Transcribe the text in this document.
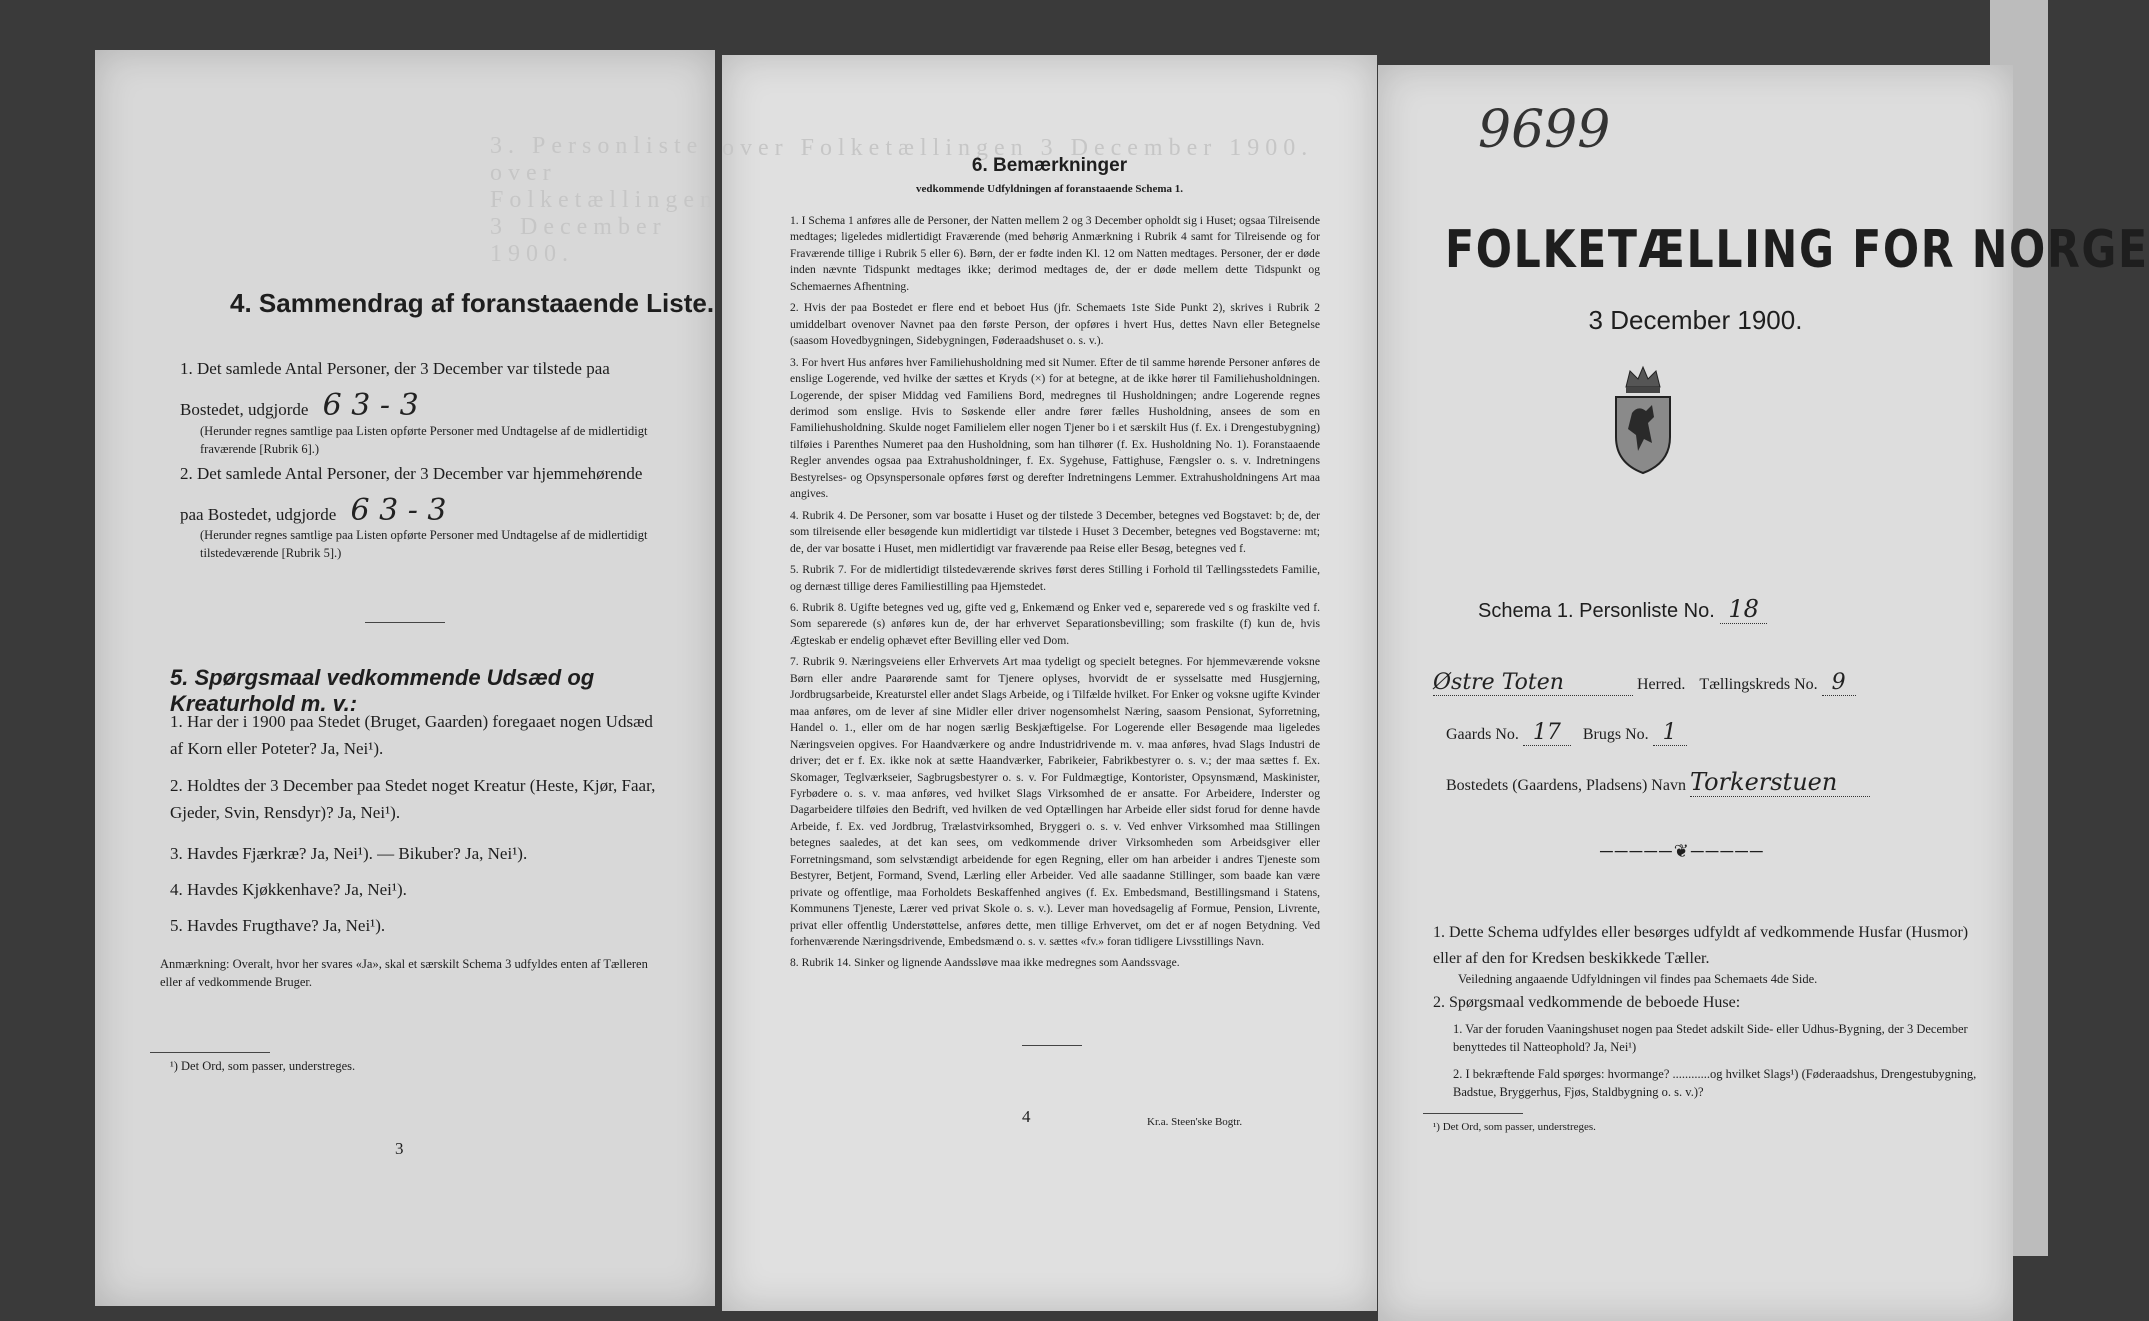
3. Personliste over Folketællingen 3 December 1900.
4. Sammendrag af foranstaaende Liste.
1. Det samlede Antal Personer, der 3 December var tilstede paa Bostedet, udgjorde 6 3 - 3
(Herunder regnes samtlige paa Listen opførte Personer med Undtagelse af de midlertidigt fraværende [Rubrik 6].)
2. Det samlede Antal Personer, der 3 December var hjemmehørende paa Bostedet, udgjorde 6 3 - 3
(Herunder regnes samtlige paa Listen opførte Personer med Undtagelse af de midlertidigt tilstedeværende [Rubrik 5].)
5. Spørgsmaal vedkommende Udsæd og Kreaturhold m. v.:
1. Har der i 1900 paa Stedet (Bruget, Gaarden) foregaaet nogen Udsæd af Korn eller Poteter? Ja, Nei¹).
2. Holdtes der 3 December paa Stedet noget Kreatur (Heste, Kjør, Faar, Gjeder, Svin, Rensdyr)? Ja, Nei¹).
3. Havdes Fjærkræ? Ja, Nei¹). — Bikuber? Ja, Nei¹).
4. Havdes Kjøkkenhave? Ja, Nei¹).
5. Havdes Frugthave? Ja, Nei¹).
Anmærkning: Overalt, hvor her svares «Ja», skal et særskilt Schema 3 udfyldes enten af Tælleren eller af vedkommende Bruger.
¹) Det Ord, som passer, understreges.
3
over Folketællingen 3 December 1900.
6. Bemærkninger
vedkommende Udfyldningen af foranstaaende Schema 1.
1. I Schema 1 anføres alle de Personer, der Natten mellem 2 og 3 December opholdt sig i Huset; ogsaa Tilreisende medtages; ligeledes midlertidigt Fraværende (med behørig Anmærkning i Rubrik 4 samt for Tilreisende og for Fraværende tillige i Rubrik 5 eller 6). Børn, der er fødte inden Kl. 12 om Natten medtages. Personer, der er døde inden nævnte Tidspunkt medtages ikke; derimod medtages de, der er døde mellem dette Tidspunkt og Schemaernes Afhentning.
2. Hvis der paa Bostedet er flere end et beboet Hus (jfr. Schemaets 1ste Side Punkt 2), skrives i Rubrik 2 umiddelbart ovenover Navnet paa den første Person, der opføres i hvert Hus, dettes Navn eller Betegnelse (saasom Hovedbygningen, Sidebygningen, Føderaadshuset o. s. v.).
3. For hvert Hus anføres hver Familiehusholdning med sit Numer. Efter de til samme hørende Personer anføres de enslige Logerende, ved hvilke der sættes et Kryds (×) for at betegne, at de ikke hører til Familiehusholdningen. Logerende, der spiser Middag ved Familiens Bord, medregnes til Husholdningen; andre Logerende regnes derimod som enslige. Hvis to Søskende eller andre fører fælles Husholdning, ansees de som en Familiehusholdning. Skulde noget Familielem eller nogen Tjener bo i et særskilt Hus (f. Ex. i Drengestubygning) tilføies i Parenthes Numeret paa den Husholdning, som han tilhører (f. Ex. Husholdning No. 1). Foranstaaende Regler anvendes ogsaa paa Extrahusholdninger, f. Ex. Sygehuse, Fattighuse, Fængsler o. s. v. Indretningens Bestyrelses- og Opsynspersonale opføres først og derefter Indretningens Lemmer. Extrahusholdningens Art maa angives.
4. Rubrik 4. De Personer, som var bosatte i Huset og der tilstede 3 December, betegnes ved Bogstavet: b; de, der som tilreisende eller besøgende kun midlertidigt var tilstede i Huset 3 December, betegnes ved Bogstaverne: mt; de, der var bosatte i Huset, men midlertidigt var fraværende paa Reise eller Besøg, betegnes ved f.
5. Rubrik 7. For de midlertidigt tilstedeværende skrives først deres Stilling i Forhold til Tællingsstedets Familie, og dernæst tillige deres Familiestilling paa Hjemstedet.
6. Rubrik 8. Ugifte betegnes ved ug, gifte ved g, Enkemænd og Enker ved e, separerede ved s og fraskilte ved f. Som separerede (s) anføres kun de, der har erhvervet Separationsbevilling; som fraskilte (f) kun de, hvis Ægteskab er endelig ophævet efter Bevilling eller ved Dom.
7. Rubrik 9. Næringsveiens eller Erhvervets Art maa tydeligt og specielt betegnes. For hjemmeværende voksne Børn eller andre Paarørende samt for Tjenere oplyses, hvorvidt de er sysselsatte med Husgjerning, Jordbrugsarbeide, Kreaturstel eller andet Slags Arbeide, og i Tilfælde hvilket. For Enker og voksne ugifte Kvinder maa anføres, om de lever af sine Midler eller driver nogensomhelst Næring, saasom Pensionat, Syforretning, Handel o. 1., eller om de har nogen særlig Beskjæftigelse. For Logerende eller Besøgende maa ligeledes Næringsveien opgives. For Haandværkere og andre Industridrivende m. v. maa anføres, hvad Slags Industri de driver; det er f. Ex. ikke nok at sætte Haandværker, Fabrikeier, Fabrikbestyrer o. s. v.; der maa sættes f. Ex. Skomager, Teglværkseier, Sagbrugsbestyrer o. s. v. For Fuldmægtige, Kontorister, Opsynsmænd, Maskinister, Fyrbødere o. s. v. maa anføres, ved hvilket Slags Virksomhed de er ansatte. For Arbeidere, Inderster og Dagarbeidere tilføies den Bedrift, ved hvilken de ved Optællingen har Arbeide eller sidst forud for denne havde Arbeide, f. Ex. ved Jordbrug, Trælastvirksomhed, Bryggeri o. s. v. Ved enhver Virksomhed maa Stillingen betegnes saaledes, at det kan sees, om vedkommende driver Virksomheden som Arbeidsgiver eller Forretningsmand, som selvstændigt arbeidende for egen Regning, eller om han arbeider i andres Tjeneste som Bestyrer, Betjent, Formand, Svend, Lærling eller Arbeider. Ved alle saadanne Stillinger, som baade kan være private og offentlige, maa Forholdets Beskaffenhed angives (f. Ex. Embedsmand, Bestillingsmand i Statens, Kommunens Tjeneste, Lærer ved privat Skole o. s. v.). Lever man hovedsagelig af Formue, Pension, Livrente, privat eller offentlig Understøttelse, anføres dette, men tillige Erhvervet, om det er af nogen Betydning. Ved forhenværende Næringsdrivende, Embedsmænd o. s. v. sættes «fv.» foran tidligere Livsstillings Navn.
8. Rubrik 14. Sinker og lignende Aandssløve maa ikke medregnes som Aandssvage.
4	Kr.a. Steen'ske Bogtr.
9699
FOLKETÆLLING FOR NORGE
3 December 1900.
Schema 1. Personliste No. 18
Østre Toten	Herred. Tællingskreds No. 9
Gaards No. 17 Brugs No. 1
Bostedets (Gaardens, Pladsens) Navn Torkerstuen
─────❦─────
1. Dette Schema udfyldes eller besørges udfyldt af vedkommende Husfar (Husmor) eller af den for Kredsen beskikkede Tæller.
Veiledning angaaende Udfyldningen vil findes paa Schemaets 4de Side.
2. Spørgsmaal vedkommende de beboede Huse:
1. Var der foruden Vaaningshuset nogen paa Stedet adskilt Side- eller Udhus-Bygning, der 3 December benyttedes til Natteophold? Ja, Nei¹)
2. I bekræftende Fald spørges: hvormange? ............og hvilket Slags¹) (Føderaadshus, Drengestubygning, Badstue, Bryggerhus, Fjøs, Staldbygning o. s. v.)?
¹) Det Ord, som passer, understreges.
